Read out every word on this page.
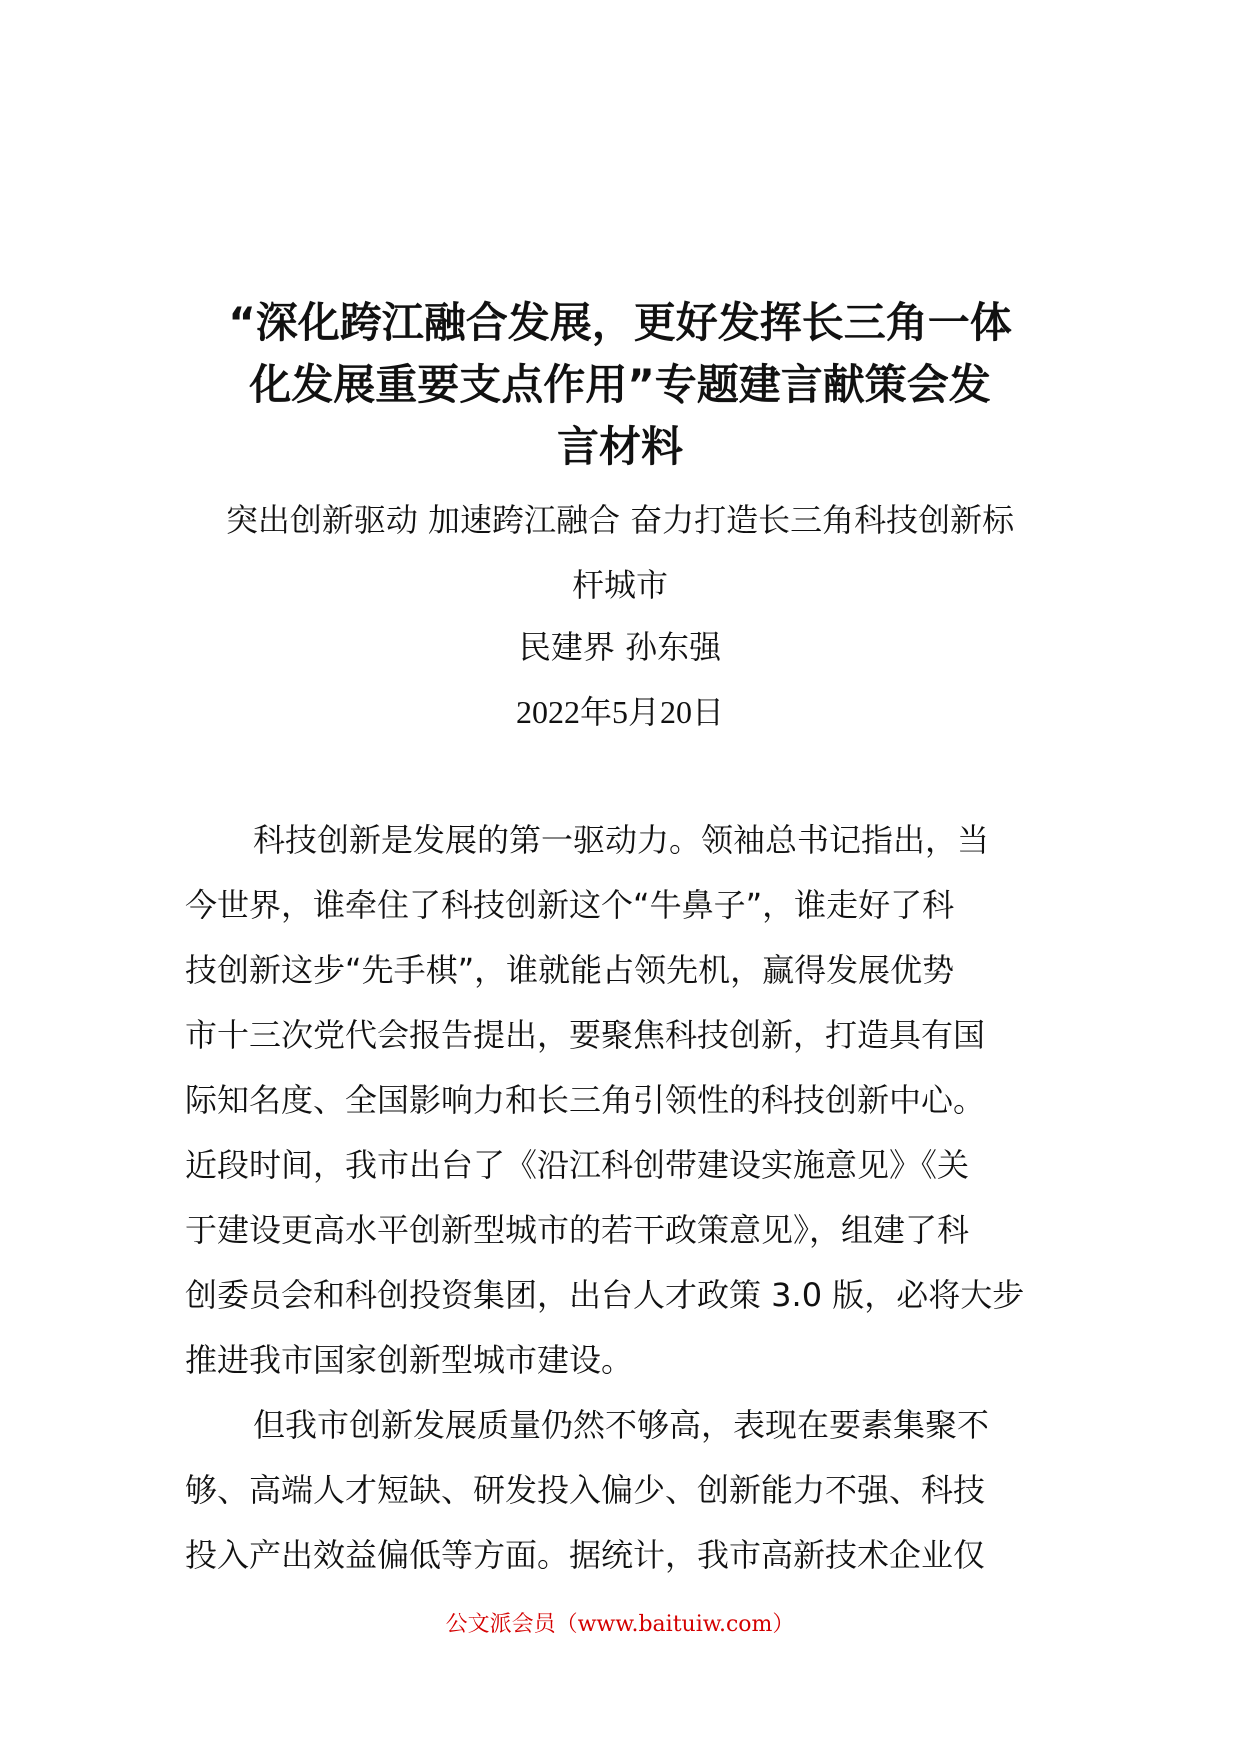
“深化跨江融合发展，更好发挥长三角一体
化发展重要支点作用”专题建言献策会发
言材料
突出创新驱动 加速跨江融合 奋力打造长三角科技创新标
杆城市
民建界 孙东强
2022年5月20日
科技创新是发展的第一驱动力。领袖总书记指出，当
今世界，谁牵住了科技创新这个“牛鼻子”，谁走好了科
技创新这步“先手棋”，谁就能占领先机，赢得发展优势
市十三次党代会报告提出，要聚焦科技创新，打造具有国
际知名度、全国影响力和长三角引领性的科技创新中心。
近段时间，我市出台了《沿江科创带建设实施意见》《关
于建设更高水平创新型城市的若干政策意见》，组建了科
创委员会和科创投资集团，出台人才政策 3.0 版，必将大步
推进我市国家创新型城市建设。
但我市创新发展质量仍然不够高，表现在要素集聚不
够、高端人才短缺、研发投入偏少、创新能力不强、科技
投入产出效益偏低等方面。据统计，我市高新技术企业仅
公文派会员（www.baituiw.com）
